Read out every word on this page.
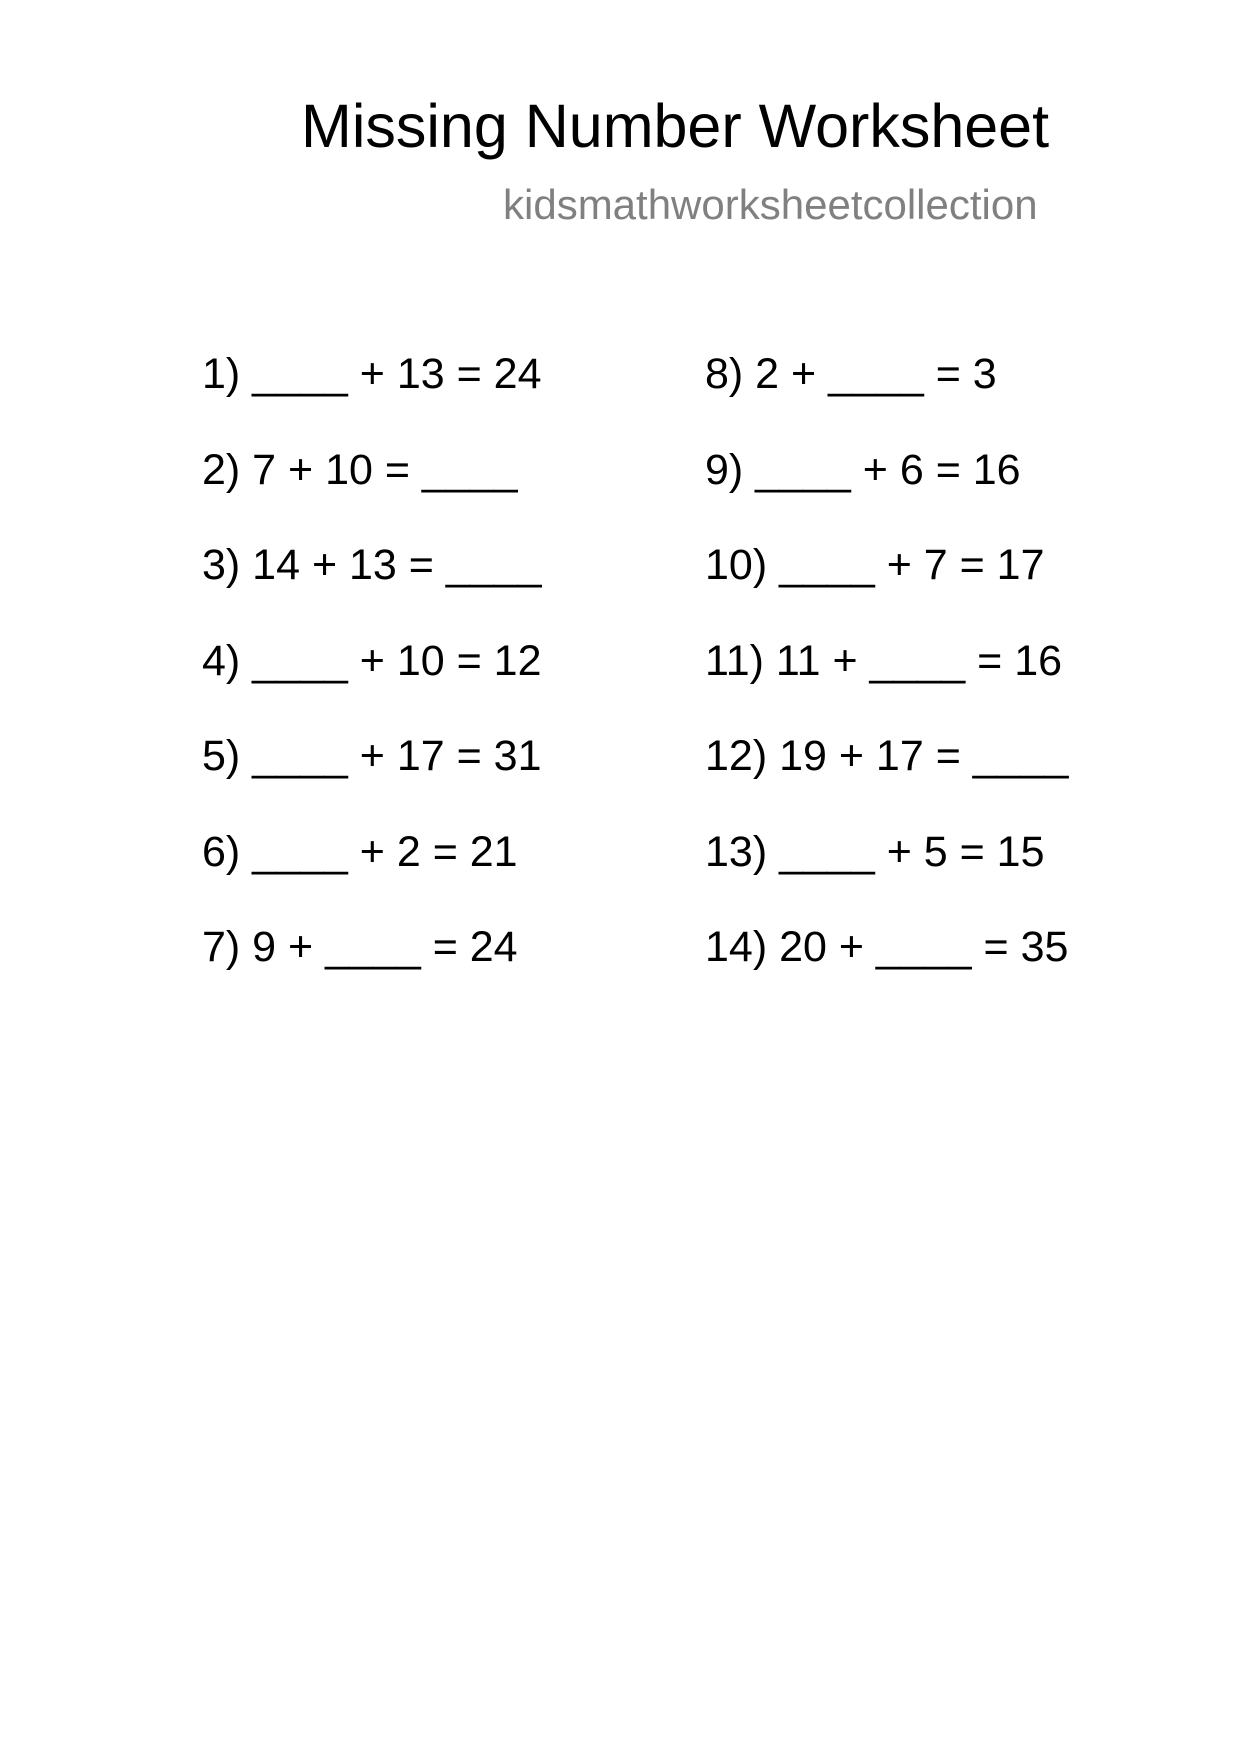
Missing Number Worksheet
kidsmathworksheetcollection
1) ____ + 13 = 24
2) 7 + 10 = ____
3) 14 + 13 = ____
4) ____ + 10 = 12
5) ____ + 17 = 31
6) ____ + 2 = 21
7) 9 + ____ = 24
8) 2 + ____ = 3
9) ____ + 6 = 16
10) ____ + 7 = 17
11) 11 + ____ = 16
12) 19 + 17 = ____
13) ____ + 5 = 15
14) 20 + ____ = 35
